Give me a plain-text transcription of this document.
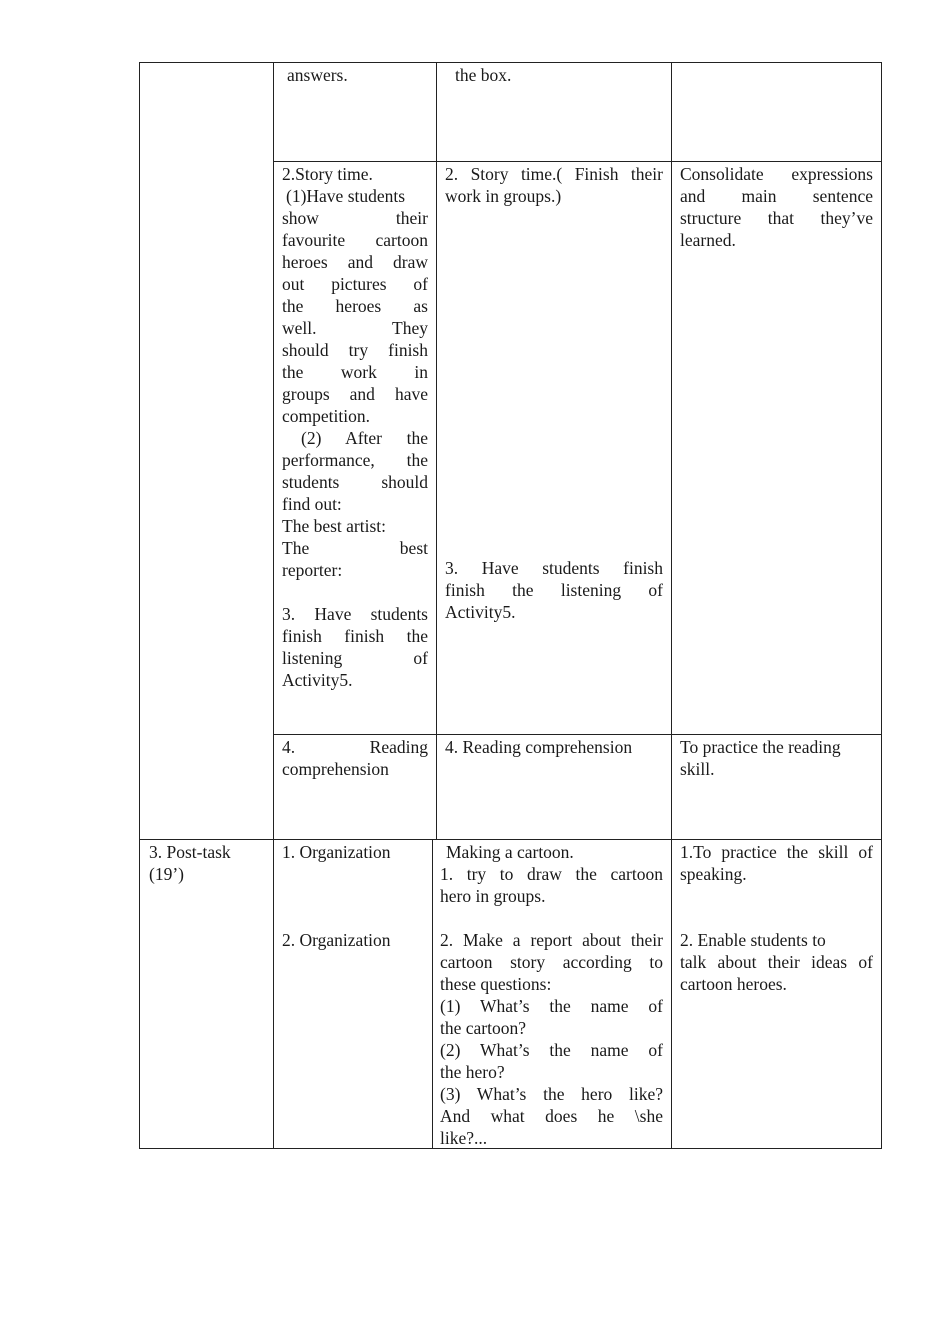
answers.	the box.
2.Story time.
(1)Have students
show their
favourite cartoon
heroes and draw
out pictures of
the heroes as
well. They
should try finish
the work in
groups and have
competition.
(2) After the
performance, the
students should
find out:
The best artist:
The best
reporter:
3. Have students
finish finish the
listening of
Activity5.
2. Story time.( Finish their
work in groups.)
3. Have students finish
finish the listening of
Activity5.
Consolidate expressions
and main sentence
structure that they’ve
learned.
4. Reading
comprehension
4. Reading comprehension	To practice the reading
skill.
3. Post-task
(19’)
1. Organization
2. Organization
Making a cartoon.
1. try to draw the cartoon
hero in groups.
2. Make a report about their
cartoon story according to
these questions:
(1) What’s the name of
the cartoon?
(2) What’s the name of
the hero?
(3) What’s the hero like?
And what does he \she
like?...
1.To practice the skill of
speaking.
2. Enable students to
talk about their ideas of
cartoon heroes.
